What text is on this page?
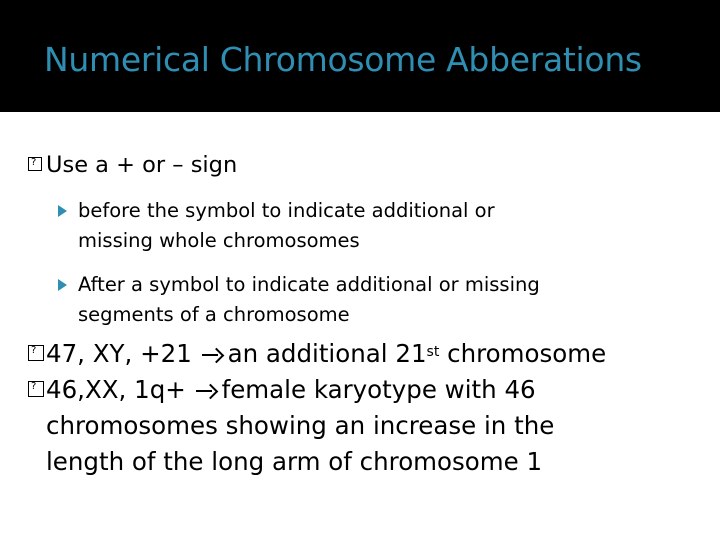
Numerical Chromosome Abberations
?Use a + or – sign
before the symbol to indicate additional or
missing whole chromosomes
After a symbol to indicate additional or missing
segments of a chromosome
?47, XY, +21 an additional 21st chromosome
?46,XX, 1q+ female karyotype with 46
chromosomes showing an increase in the
length of the long arm of chromosome 1
